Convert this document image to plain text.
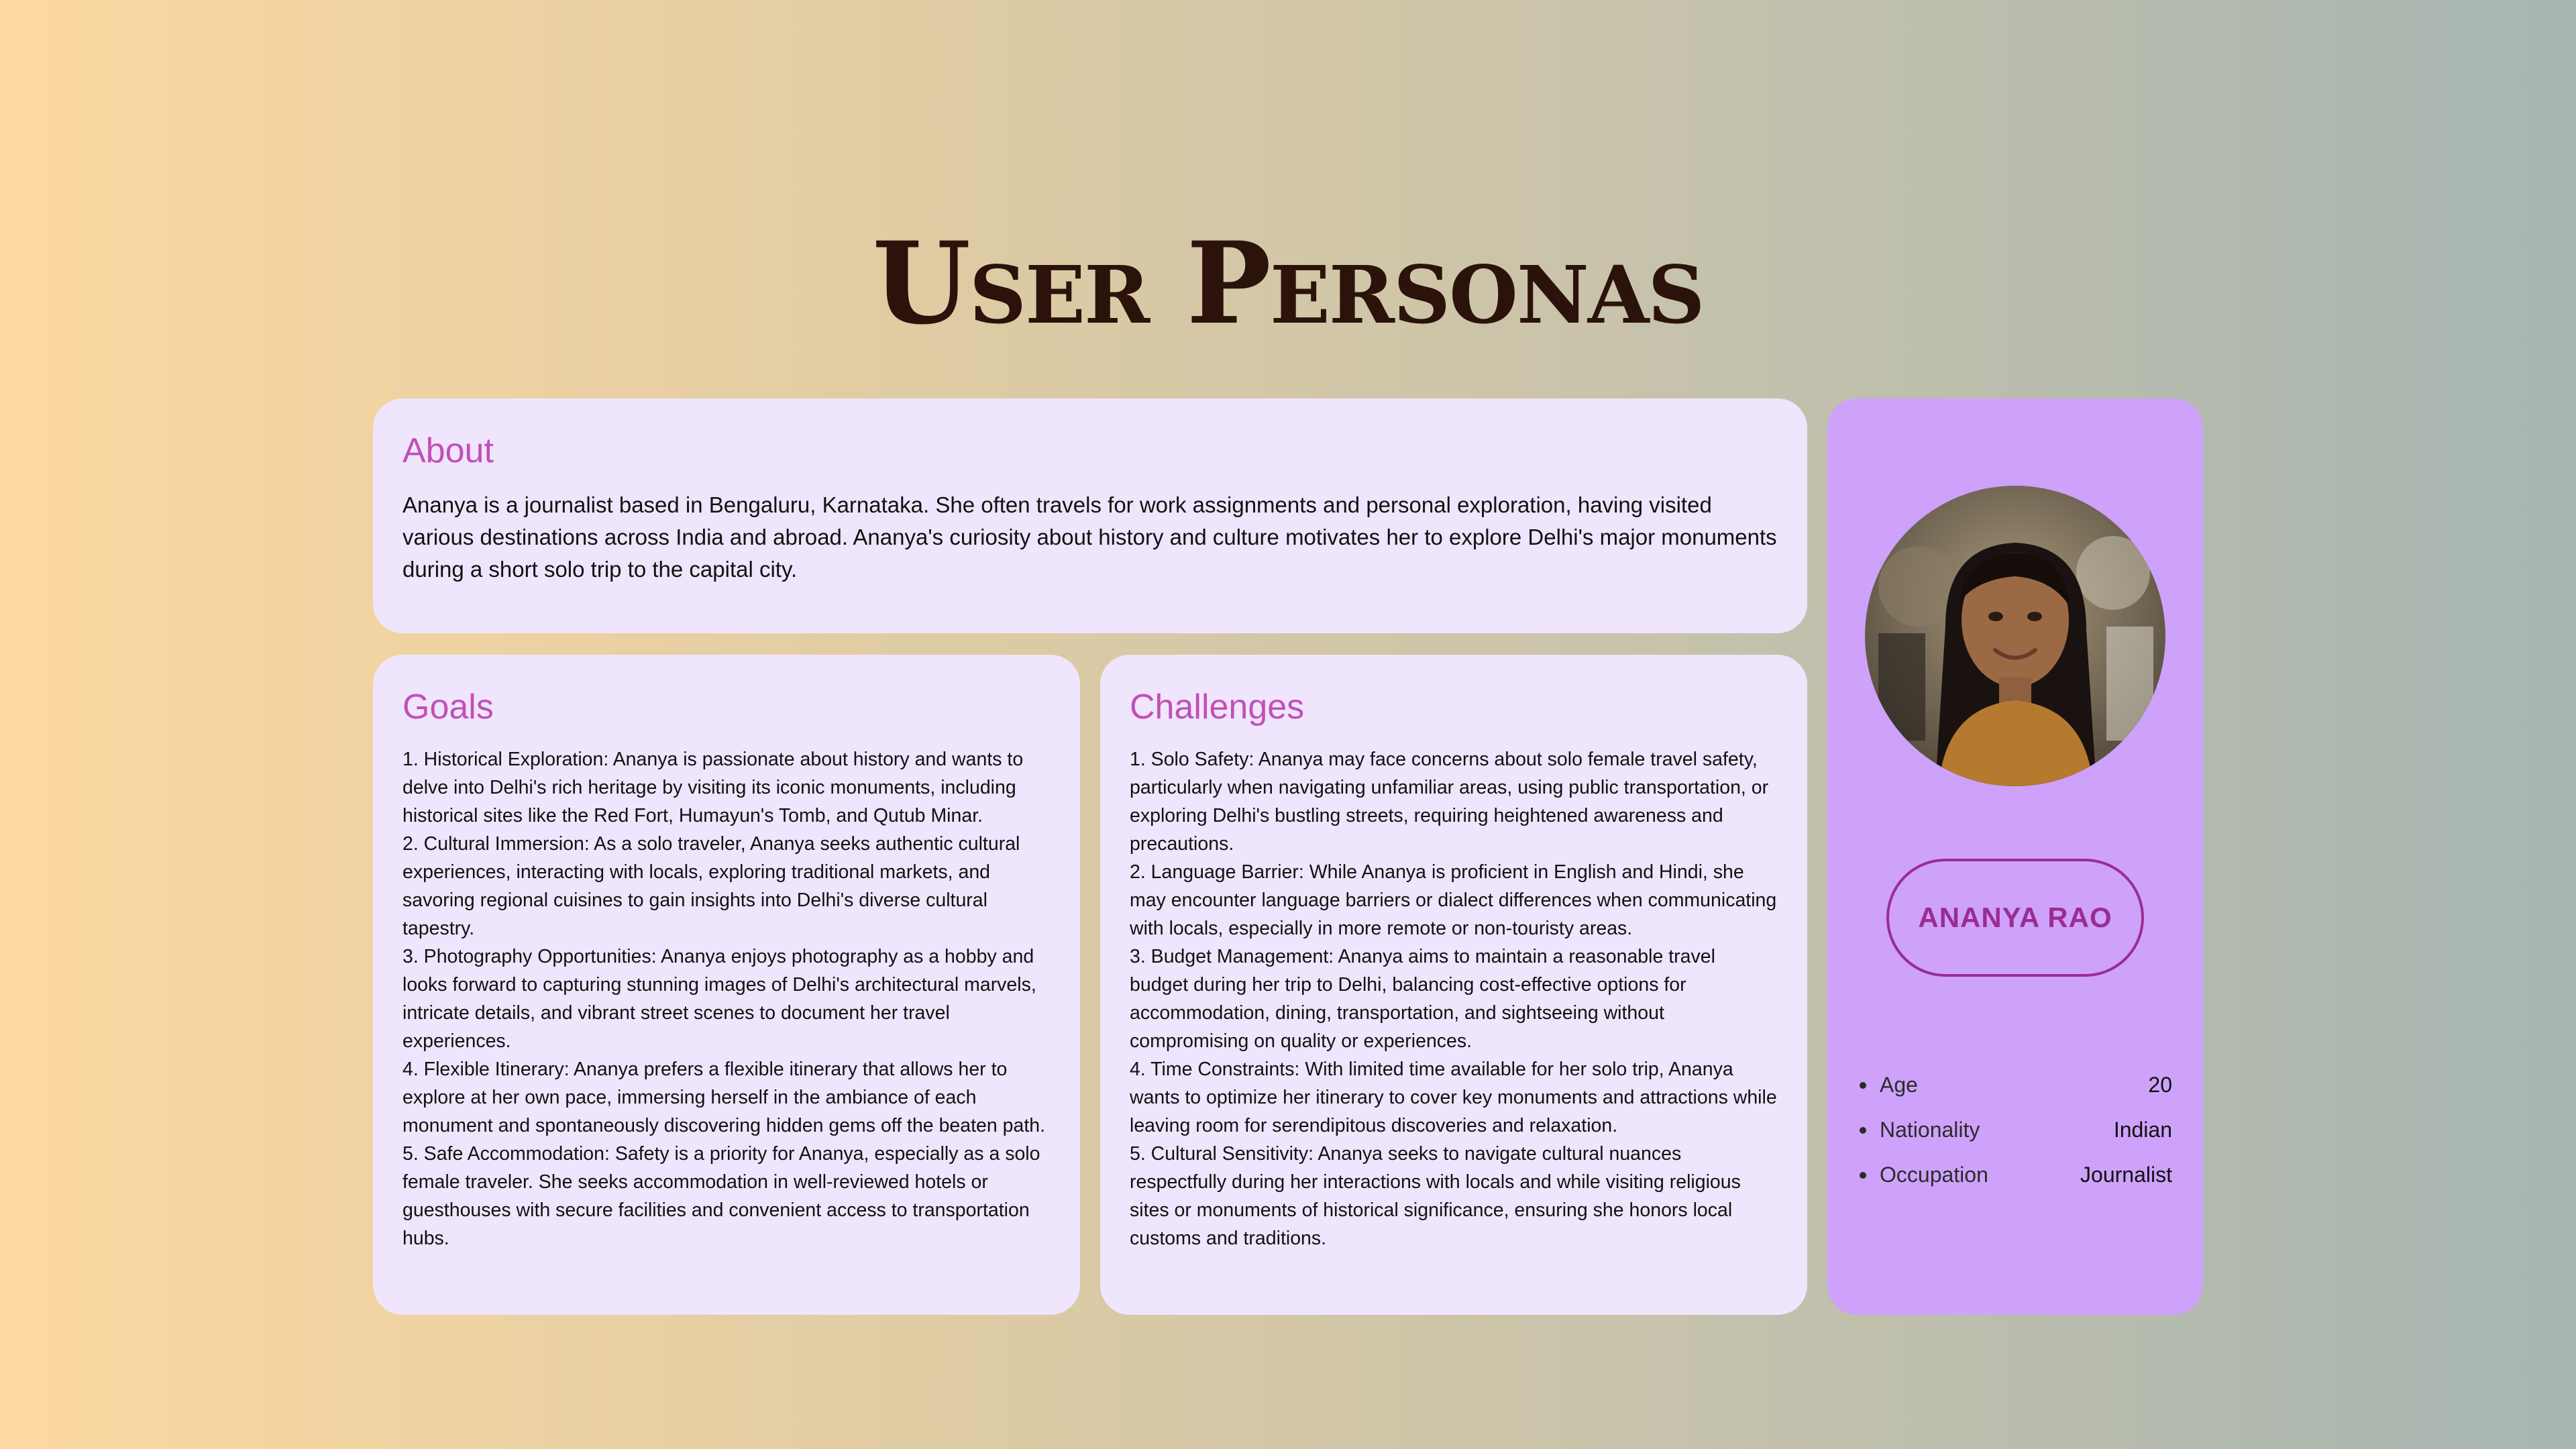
User Personas
About

Ananya is a journalist based in Bengaluru, Karnataka. She often travels for work assignments and personal exploration, having visited various destinations across India and abroad. Ananya's curiosity about history and culture motivates her to explore Delhi's major monuments during a short solo trip to the capital city.

Goals
1. Historical Exploration: Ananya is passionate about history and wants to delve into Delhi's rich heritage by visiting its iconic monuments, including historical sites like the Red Fort, Humayun's Tomb, and Qutub Minar.
2. Cultural Immersion: As a solo traveler, Ananya seeks authentic cultural experiences, interacting with locals, exploring traditional markets, and savoring regional cuisines to gain insights into Delhi's diverse cultural tapestry.
3. Photography Opportunities: Ananya enjoys photography as a hobby and looks forward to capturing stunning images of Delhi's architectural marvels, intricate details, and vibrant street scenes to document her travel experiences.
4. Flexible Itinerary: Ananya prefers a flexible itinerary that allows her to explore at her own pace, immersing herself in the ambiance of each monument and spontaneously discovering hidden gems off the beaten path.
5. Safe Accommodation: Safety is a priority for Ananya, especially as a solo female traveler. She seeks accommodation in well-reviewed hotels or guesthouses with secure facilities and convenient access to transportation hubs.
Challenges
1. Solo Safety: Ananya may face concerns about solo female travel safety, particularly when navigating unfamiliar areas, using public transportation, or exploring Delhi's bustling streets, requiring heightened awareness and precautions.
2. Language Barrier: While Ananya is proficient in English and Hindi, she may encounter language barriers or dialect differences when communicating with locals, especially in more remote or non-touristy areas.
3. Budget Management: Ananya aims to maintain a reasonable travel budget during her trip to Delhi, balancing cost-effective options for accommodation, dining, transportation, and sightseeing without compromising on quality or experiences.
4. Time Constraints: With limited time available for her solo trip, Ananya wants to optimize her itinerary to cover key monuments and attractions while leaving room for serendipitous discoveries and relaxation.
5. Cultural Sensitivity: Ananya seeks to navigate cultural nuances respectfully during her interactions with locals and while visiting religious sites or monuments of historical significance, ensuring she honors local customs and traditions.
ANANYA RAO
Age	20
Nationality	Indian
Occupation	Journalist
